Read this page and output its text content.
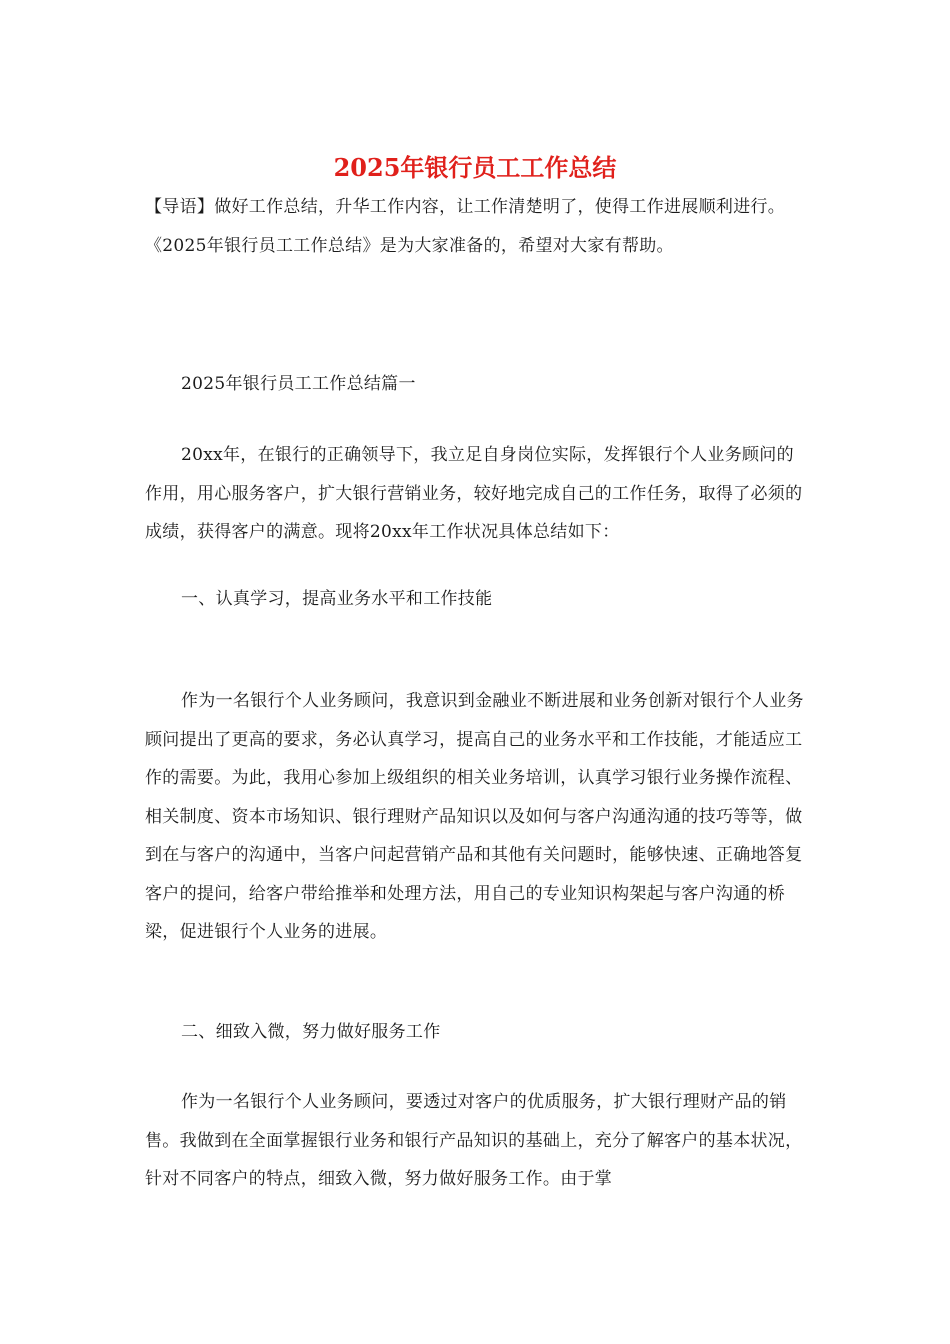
2025年银行员工工作总结

【导语】做好工作总结，升华工作内容，让工作清楚明了，使得工作进展顺利进行。《2025年银行员工工作总结》是为大家准备的，希望对大家有帮助。

2025年银行员工工作总结篇一

20xx年，在银行的正确领导下，我立足自身岗位实际，发挥银行个人业务顾问的作用，用心服务客户，扩大银行营销业务，较好地完成自己的工作任务，取得了必须的成绩，获得客户的满意。现将20xx年工作状况具体总结如下：

一、认真学习，提高业务水平和工作技能

作为一名银行个人业务顾问，我意识到金融业不断进展和业务创新对银行个人业务顾问提出了更高的要求，务必认真学习，提高自己的业务水平和工作技能，才能适应工作的需要。为此，我用心参加上级组织的相关业务培训，认真学习银行业务操作流程、相关制度、资本市场知识、银行理财产品知识以及如何与客户沟通沟通的技巧等等，做到在与客户的沟通中，当客户问起营销产品和其他有关问题时，能够快速、正确地答复客户的提问，给客户带给推举和处理方法，用自己的专业知识构架起与客户沟通的桥梁，促进银行个人业务的进展。

二、细致入微，努力做好服务工作

作为一名银行个人业务顾问，要透过对客户的优质服务，扩大银行理财产品的销售。我做到在全面掌握银行业务和银行产品知识的基础上，充分了解客户的基本状况，针对不同客户的特点，细致入微，努力做好服务工作。由于掌
